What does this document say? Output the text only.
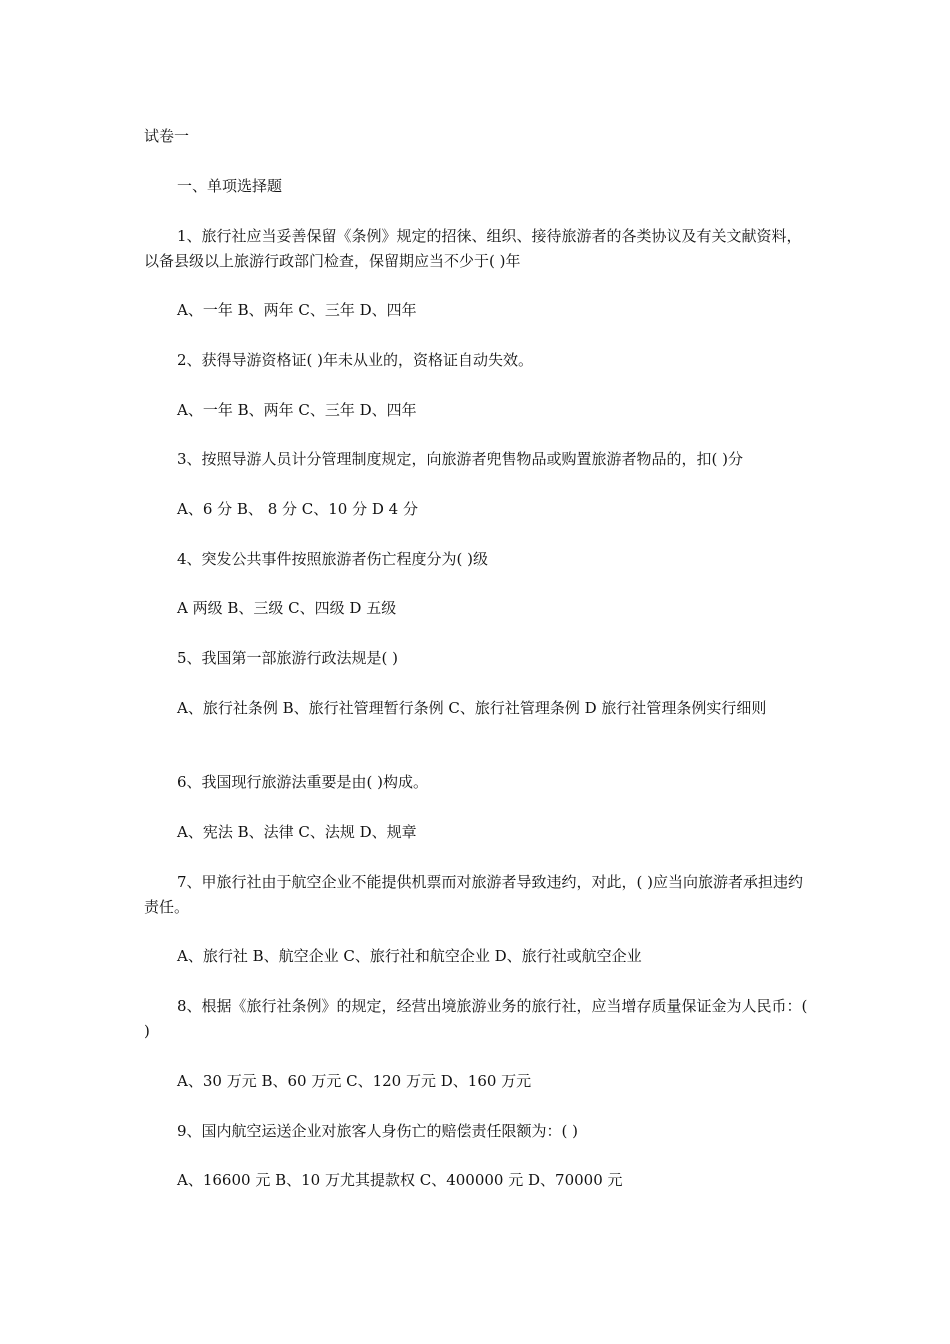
试卷一

一、单项选择题

1、旅行社应当妥善保留《条例》规定的招徕、组织、接待旅游者的各类协议及有关文献资料，以备县级以上旅游行政部门检查，保留期应当不少于( )年

A、一年 B、两年 C、三年 D、四年

2、获得导游资格证( )年未从业的，资格证自动失效。

A、一年 B、两年 C、三年 D、四年

3、按照导游人员计分管理制度规定，向旅游者兜售物品或购置旅游者物品的，扣( )分

A、6 分 B、 8 分 C、10 分 D 4 分

4、突发公共事件按照旅游者伤亡程度分为( )级

A 两级 B、三级 C、四级 D 五级

5、我国第一部旅游行政法规是( )

A、旅行社条例 B、旅行社管理暂行条例 C、旅行社管理条例 D 旅行社管理条例实行细则

6、我国现行旅游法重要是由( )构成。

A、宪法 B、法律 C、法规 D、规章

7、甲旅行社由于航空企业不能提供机票而对旅游者导致违约，对此，( )应当向旅游者承担违约责任。

A、旅行社 B、航空企业 C、旅行社和航空企业 D、旅行社或航空企业

8、根据《旅行社条例》的规定，经营出境旅游业务的旅行社，应当增存质量保证金为人民币：( )

A、30 万元 B、60 万元 C、120 万元 D、160 万元

9、国内航空运送企业对旅客人身伤亡的赔偿责任限额为：( )

A、16600 元 B、10 万尤其提款权 C、400000 元 D、70000 元
